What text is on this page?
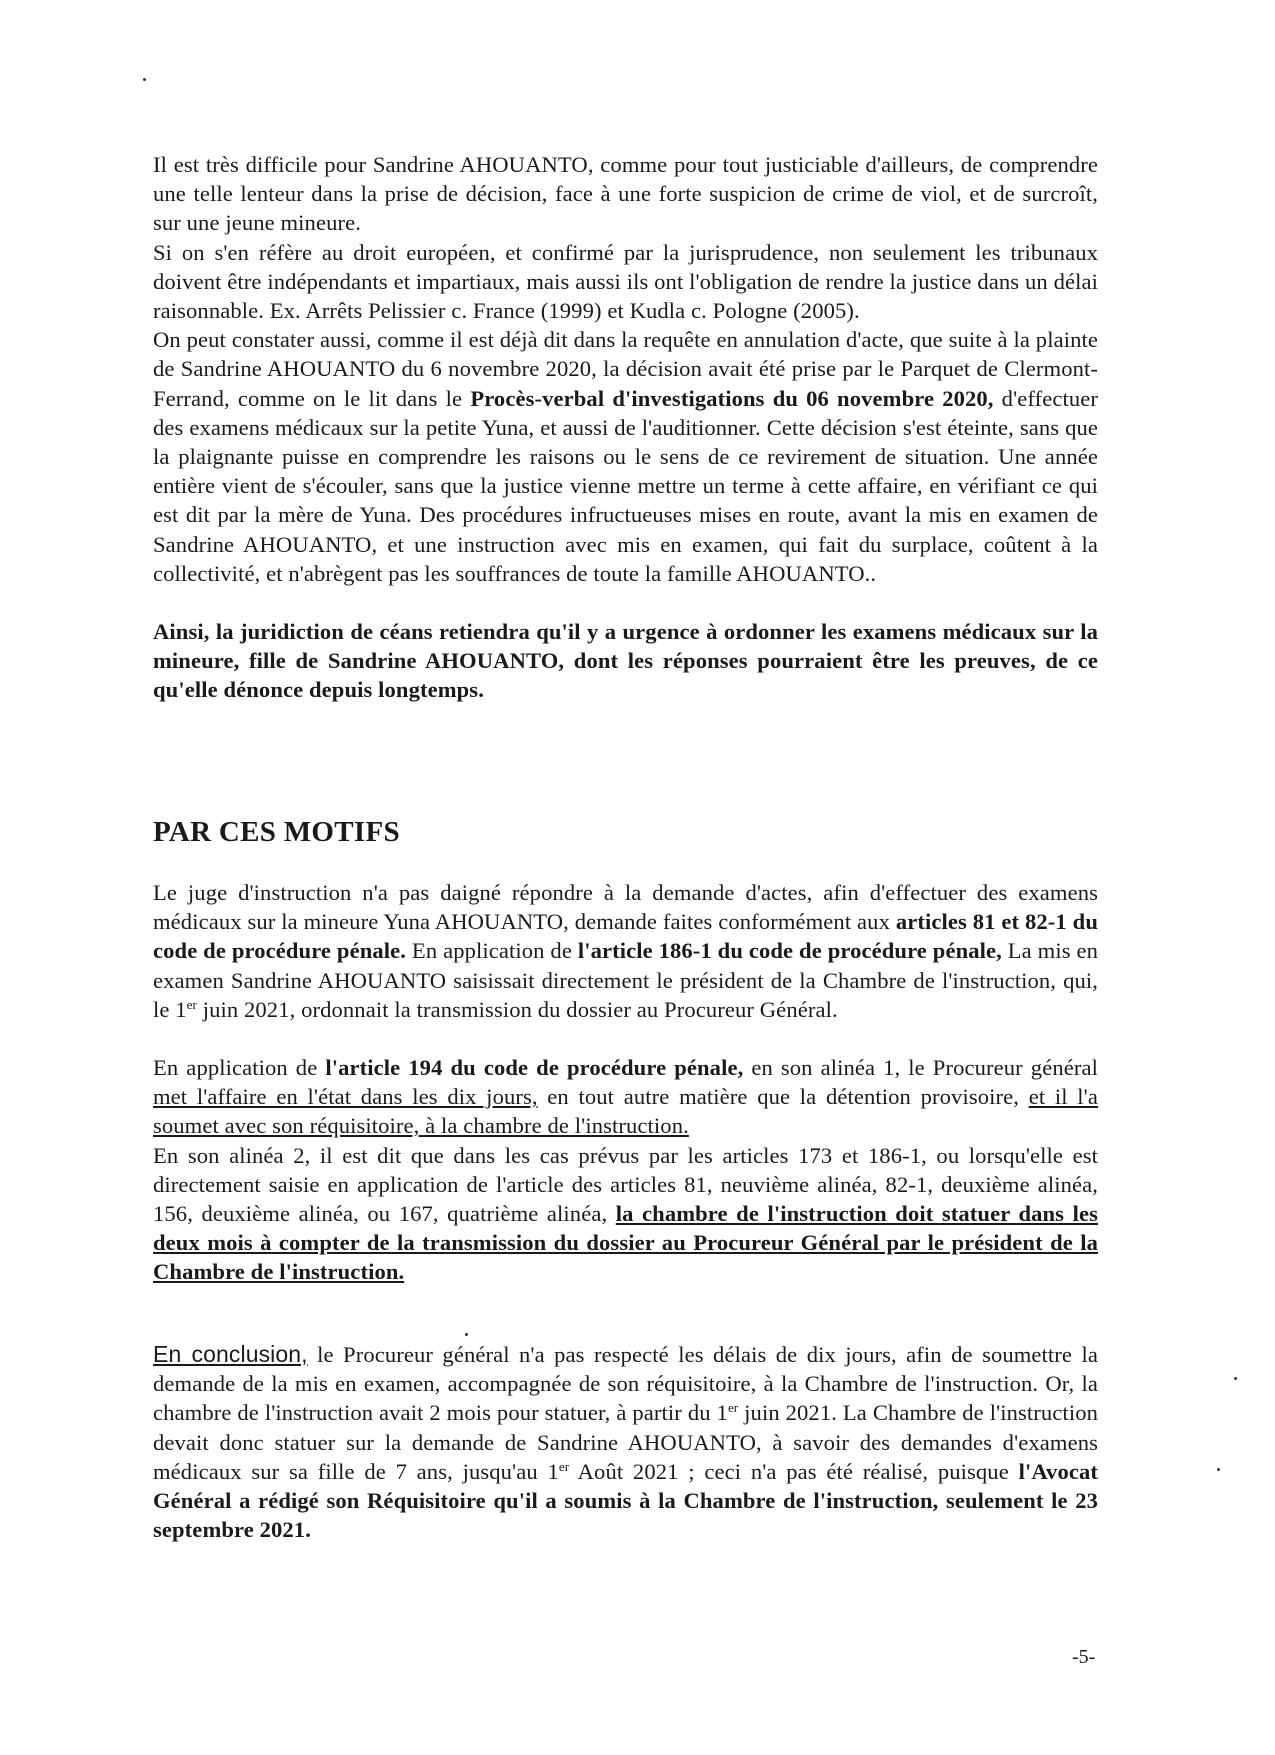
Il est très difficile pour Sandrine AHOUANTO, comme pour tout justiciable d'ailleurs, de comprendre une telle lenteur dans la prise de décision, face à une forte suspicion de crime de viol, et de surcroît, sur une jeune mineure.

Si on s'en réfère au droit européen, et confirmé par la jurisprudence, non seulement les tribunaux doivent être indépendants et impartiaux, mais aussi ils ont l'obligation de rendre la justice dans un délai raisonnable. Ex. Arrêts Pelissier c. France (1999) et Kudla c. Pologne (2005).

On peut constater aussi, comme il est déjà dit dans la requête en annulation d'acte, que suite à la plainte de Sandrine AHOUANTO du 6 novembre 2020, la décision avait été prise par le Parquet de Clermont-Ferrand, comme on le lit dans le Procès-verbal d'investigations du 06 novembre 2020, d'effectuer des examens médicaux sur la petite Yuna, et aussi de l'auditionner. Cette décision s'est éteinte, sans que la plaignante puisse en comprendre les raisons ou le sens de ce revirement de situation. Une année entière vient de s'écouler, sans que la justice vienne mettre un terme à cette affaire, en vérifiant ce qui est dit par la mère de Yuna. Des procédures infructueuses mises en route, avant la mis en examen de Sandrine AHOUANTO, et une instruction avec mis en examen, qui fait du surplace, coûtent à la collectivité, et n'abrègent pas les souffrances de toute la famille AHOUANTO..

Ainsi, la juridiction de céans retiendra qu'il y a urgence à ordonner les examens médicaux sur la mineure, fille de Sandrine AHOUANTO, dont les réponses pourraient être les preuves, de ce qu'elle dénonce depuis longtemps.

PAR CES MOTIFS

Le juge d'instruction n'a pas daigné répondre à la demande d'actes, afin d'effectuer des examens médicaux sur la mineure Yuna AHOUANTO, demande faites conformément aux articles 81 et 82-1 du code de procédure pénale. En application de l'article 186-1 du code de procédure pénale, La mis en examen Sandrine AHOUANTO saisissait directement le président de la Chambre de l'instruction, qui, le 1er juin 2021, ordonnait la transmission du dossier au Procureur Général.

En application de l'article 194 du code de procédure pénale, en son alinéa 1, le Procureur général met l'affaire en l'état dans les dix jours, en tout autre matière que la détention provisoire, et il l'a soumet avec son réquisitoire, à la chambre de l'instruction.

En son alinéa 2, il est dit que dans les cas prévus par les articles 173 et 186-1, ou lorsqu'elle est directement saisie en application de l'article des articles 81, neuvième alinéa, 82-1, deuxième alinéa, 156, deuxième alinéa, ou 167, quatrième alinéa, la chambre de l'instruction doit statuer dans les deux mois à compter de la transmission du dossier au Procureur Général par le président de la Chambre de l'instruction.

En conclusion, le Procureur général n'a pas respecté les délais de dix jours, afin de soumettre la demande de la mis en examen, accompagnée de son réquisitoire, à la Chambre de l'instruction. Or, la chambre de l'instruction avait 2 mois pour statuer, à partir du 1er juin 2021. La Chambre de l'instruction devait donc statuer sur la demande de Sandrine AHOUANTO, à savoir des demandes d'examens médicaux sur sa fille de 7 ans, jusqu'au 1er Août 2021 ; ceci n'a pas été réalisé, puisque l'Avocat Général a rédigé son Réquisitoire qu'il a soumis à la Chambre de l'instruction, seulement le 23 septembre 2021.

-5-
